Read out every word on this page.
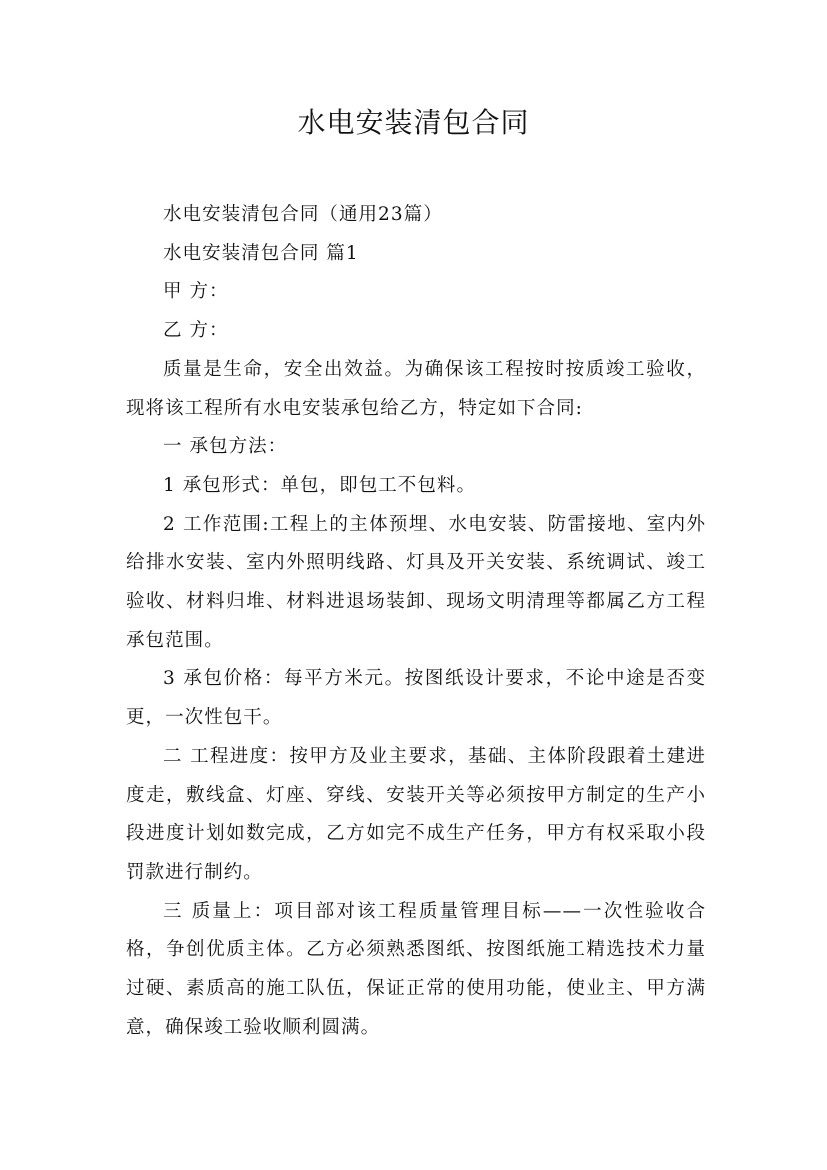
水电安装清包合同

水电安装清包合同（通用23篇）

水电安装清包合同 篇1

甲 方：

乙 方：

质量是生命，安全出效益。为确保该工程按时按质竣工验收，现将该工程所有水电安装承包给乙方，特定如下合同:

一 承包方法：

1 承包形式：单包，即包工不包料。

2 工作范围:工程上的主体预埋、水电安装、防雷接地、室内外给排水安装、室内外照明线路、灯具及开关安装、系统调试、竣工验收、材料归堆、材料进退场装卸、现场文明清理等都属乙方工程承包范围。

3 承包价格：每平方米元。按图纸设计要求，不论中途是否变更，一次性包干。

二 工程进度：按甲方及业主要求，基础、主体阶段跟着土建进度走，敷线盒、灯座、穿线、安装开关等必须按甲方制定的生产小段进度计划如数完成，乙方如完不成生产任务，甲方有权采取小段罚款进行制约。

三 质量上：项目部对该工程质量管理目标——一次性验收合格，争创优质主体。乙方必须熟悉图纸、按图纸施工精选技术力量过硬、素质高的施工队伍，保证正常的使用功能，使业主、甲方满意，确保竣工验收顺利圆满。
